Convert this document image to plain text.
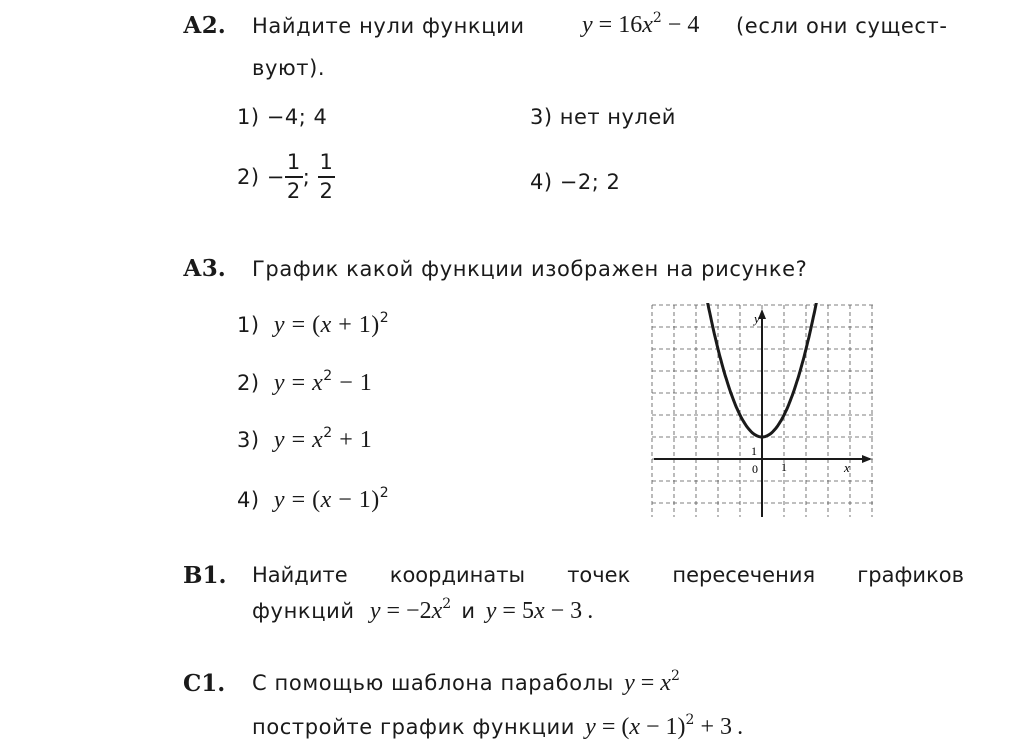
А2. Найдите нули функции $y = 16x^2 - 4$ (если они сущест-
вуют).
1) −4; 4
2)
− $\frac{1}{2}$ ;
$\frac{1}{2}$
3) нет нулей
4) −2; 2
А3. График какой функции изображен на рисунке?
1) $y = (x + 1)^2$
2) $y = x^2 - 1$
3) $y = x^2 + 1$
4) $y = (x - 1)^2$
y
x
0 1
1
В1. Найдите координаты точек пересечения графиков
функций $y = -2x^2$ и y = 5x − 3 .
С1. С помощью шаблона параболы $y = x^2$
постройте график функции $y = (x - 1)^2 + 3$ .
